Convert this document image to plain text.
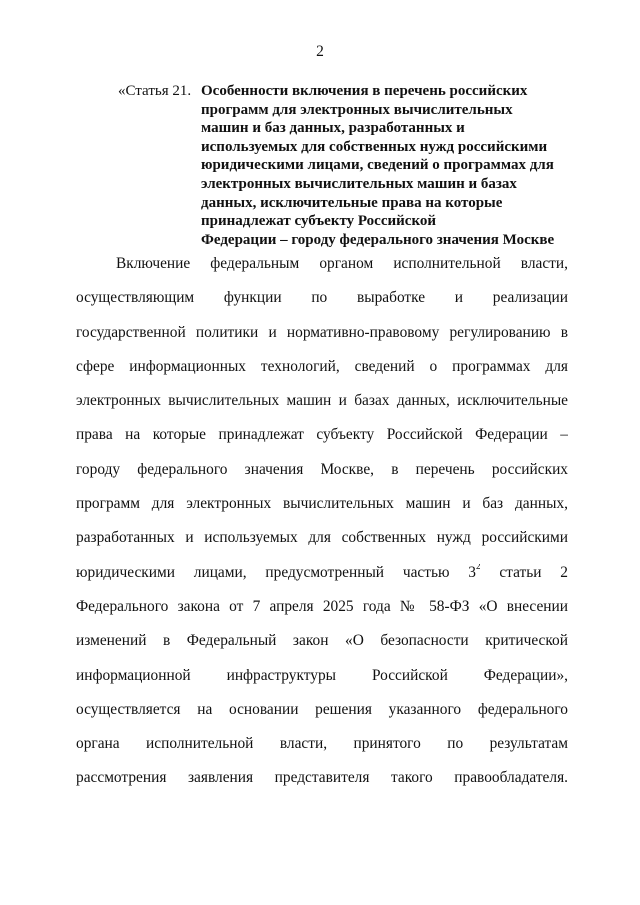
2
«Статья 21. Особенности включения в перечень российских
программ для электронных вычислительных
машин и баз данных, разработанных и
используемых для собственных нужд российскими
юридическими лицами, сведений о программах для
электронных вычислительных машин и базах
данных, исключительные права на которые
принадлежат субъекту Российской
Федерации – городу федерального значения Москве
Включение федеральным органом исполнительной власти,
осуществляющим функции по выработке и реализации
государственной политики и нормативно-правовому регулированию в
сфере информационных технологий, сведений о программах для
электронных вычислительных машин и базах данных, исключительные
права на которые принадлежат субъекту Российской Федерации –
городу федерального значения Москве, в перечень российских
программ для электронных вычислительных машин и баз данных,
разработанных и используемых для собственных нужд российскими
юридическими лицами, предусмотренный частью $3^2$ статьи 2
Федерального закона от 7 апреля 2025 года № 58-ФЗ «О внесении
изменений в Федеральный закон «О безопасности критической
информационной инфраструктуры Российской Федерации»,
осуществляется на основании решения указанного федерального
органа исполнительной власти, принятого по результатам
рассмотрения заявления представителя такого правообладателя.
